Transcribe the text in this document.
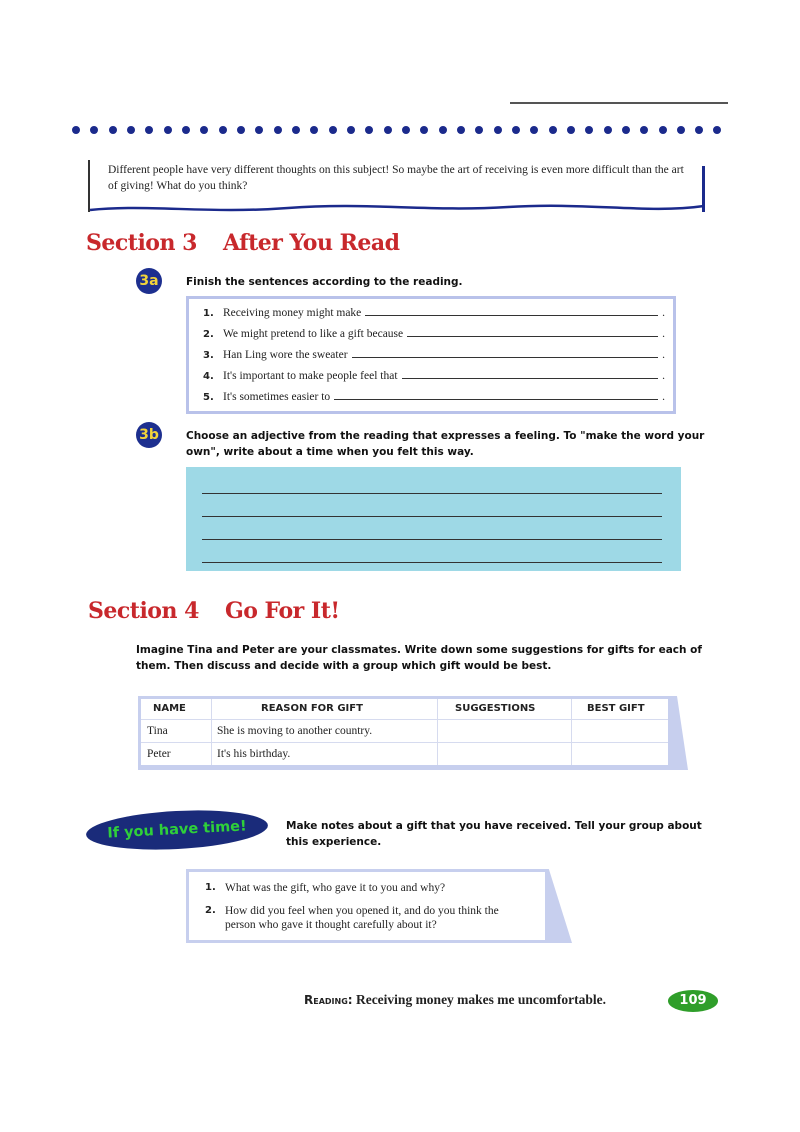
Different people have very different thoughts on this subject! So maybe the art of receiving is even more difficult than the art of giving! What do you think?
Section 3 After You Read
3a	Finish the sentences according to the reading.
1. Receiving money might make	.
2. We might pretend to like a gift because	.
3. Han Ling wore the sweater	.
4. It's important to make people feel that	.
5. It's sometimes easier to	.
3b	Choose an adjective from the reading that expresses a feeling. To "make the word your own", write about a time when you felt this way.
Section 4 Go For It!
Imagine Tina and Peter are your classmates. Write down some suggestions for gifts for each of them. Then discuss and decide with a group which gift would be best.
NAME	REASON FOR GIFT	SUGGESTIONS	BEST GIFT
Tina	She is moving to another country.
Peter	It's his birthday.
If you have time!	Make notes about a gift that you have received. Tell your group about this experience.
1. What was the gift, who gave it to you and why?
2. How did you feel when you opened it, and do you think the person who gave it thought carefully about it?
Reading: Receiving money makes me uncomfortable.	109
